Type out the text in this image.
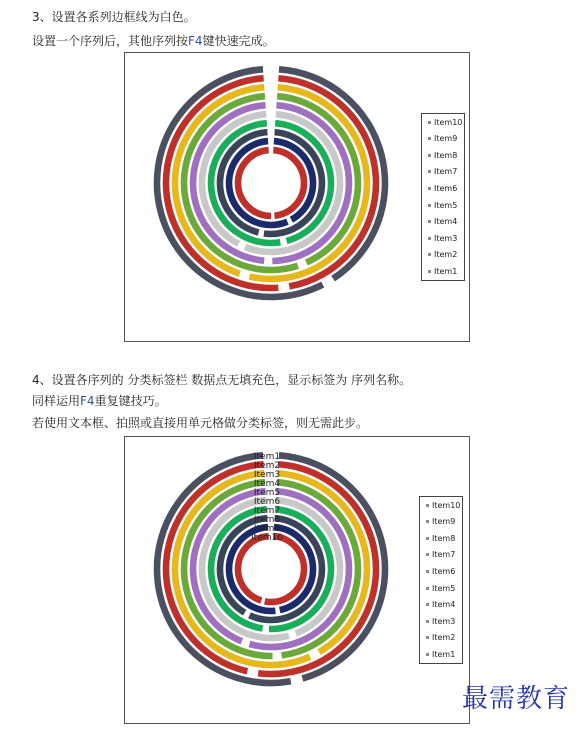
3、设置各系列边框线为白色。
设置一个序列后，其他序列按F4键快速完成。
Item10
Item9
Item8
Item7
Item6
Item5
Item4
Item3
Item2
Item1
4、设置各序列的 分类标签栏 数据点无填充色，显示标签为 序列名称。
同样运用F4重复键技巧。
若使用文本框、拍照或直接用单元格做分类标签，则无需此步。
Item1
Item2
Item3
Item4
Item5
Item6
Item7
Item8
Item9
Item10
Item10
Item9
Item8
Item7
Item6
Item5
Item4
Item3
Item2
Item1
最需教育
